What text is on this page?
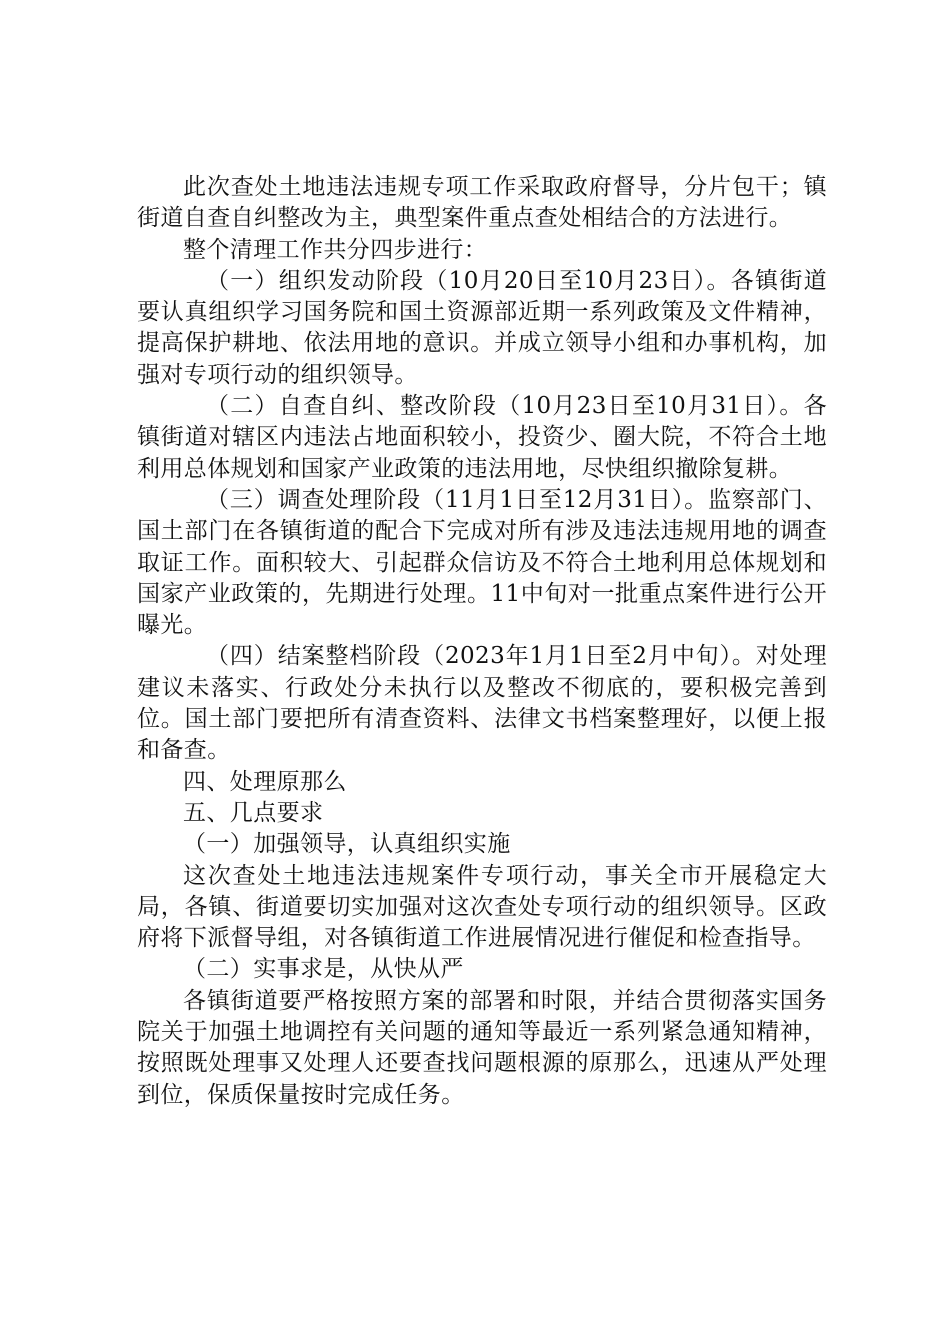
此次查处土地违法违规专项工作采取政府督导，分片包干；镇街道自查自纠整改为主，典型案件重点查处相结合的方法进行。

整个清理工作共分四步进行：

（一）组织发动阶段（10月20日至10月23日）。各镇街道要认真组织学习国务院和国土资源部近期一系列政策及文件精神，提高保护耕地、依法用地的意识。并成立领导小组和办事机构，加强对专项行动的组织领导。

（二）自查自纠、整改阶段（10月23日至10月31日）。各镇街道对辖区内违法占地面积较小，投资少、圈大院，不符合土地利用总体规划和国家产业政策的违法用地，尽快组织撤除复耕。

（三）调查处理阶段（11月1日至12月31日）。监察部门、国土部门在各镇街道的配合下完成对所有涉及违法违规用地的调查取证工作。面积较大、引起群众信访及不符合土地利用总体规划和国家产业政策的，先期进行处理。11中旬对一批重点案件进行公开曝光。

（四）结案整档阶段（2023年1月1日至2月中旬）。对处理建议未落实、行政处分未执行以及整改不彻底的，要积极完善到位。国土部门要把所有清查资料、法律文书档案整理好，以便上报和备查。

四、处理原那么

五、几点要求

（一）加强领导，认真组织实施

这次查处土地违法违规案件专项行动，事关全市开展稳定大局，各镇、街道要切实加强对这次查处专项行动的组织领导。区政府将下派督导组，对各镇街道工作进展情况进行催促和检查指导。

（二）实事求是，从快从严

各镇街道要严格按照方案的部署和时限，并结合贯彻落实国务院关于加强土地调控有关问题的通知等最近一系列紧急通知精神，按照既处理事又处理人还要查找问题根源的原那么，迅速从严处理到位，保质保量按时完成任务。
